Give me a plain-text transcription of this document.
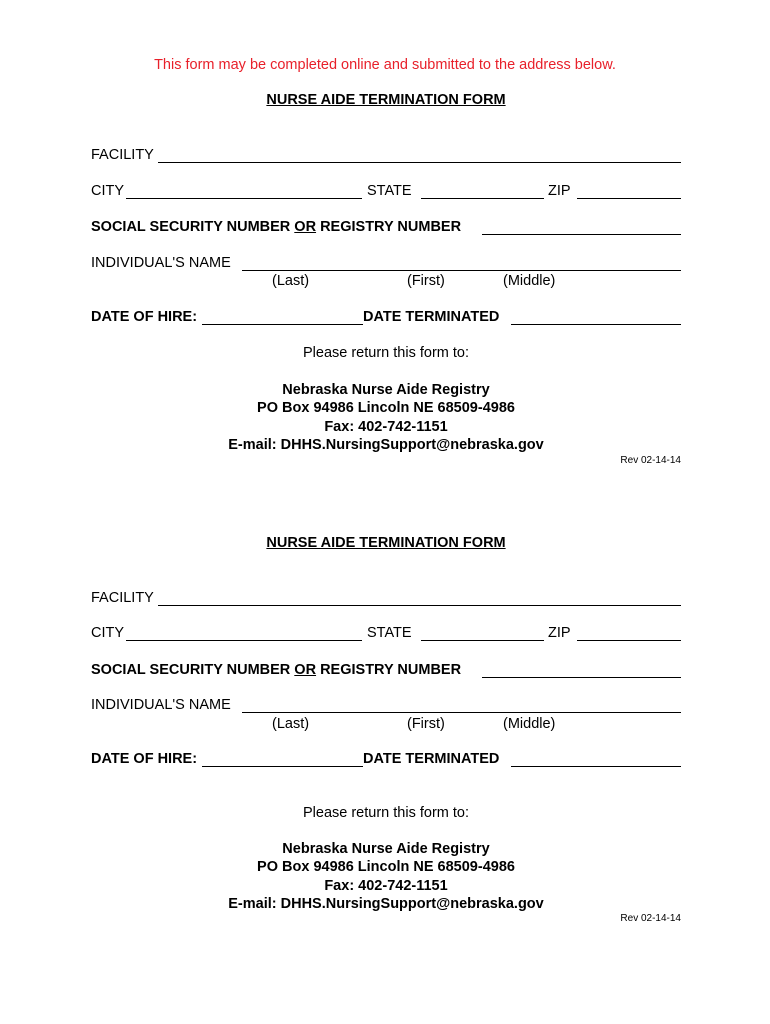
This form may be completed online and submitted to the address below.
NURSE AIDE TERMINATION FORM
FACILITY
CITY	STATE	ZIP
SOCIAL SECURITY NUMBER OR REGISTRY NUMBER
INDIVIDUAL'S NAME
(Last)	(First)	(Middle)
DATE OF HIRE:	DATE TERMINATED
Please return this form to:
Nebraska Nurse Aide Registry
PO Box 94986 Lincoln NE 68509-4986
Fax: 402-742-1151
E-mail: DHHS.NursingSupport@nebraska.gov
Rev 02-14-14
NURSE AIDE TERMINATION FORM
FACILITY
CITY	STATE	ZIP
SOCIAL SECURITY NUMBER OR REGISTRY NUMBER
INDIVIDUAL'S NAME
(Last)	(First)	(Middle)
DATE OF HIRE:	DATE TERMINATED
Please return this form to:
Nebraska Nurse Aide Registry
PO Box 94986 Lincoln NE 68509-4986
Fax: 402-742-1151
E-mail: DHHS.NursingSupport@nebraska.gov
Rev 02-14-14
